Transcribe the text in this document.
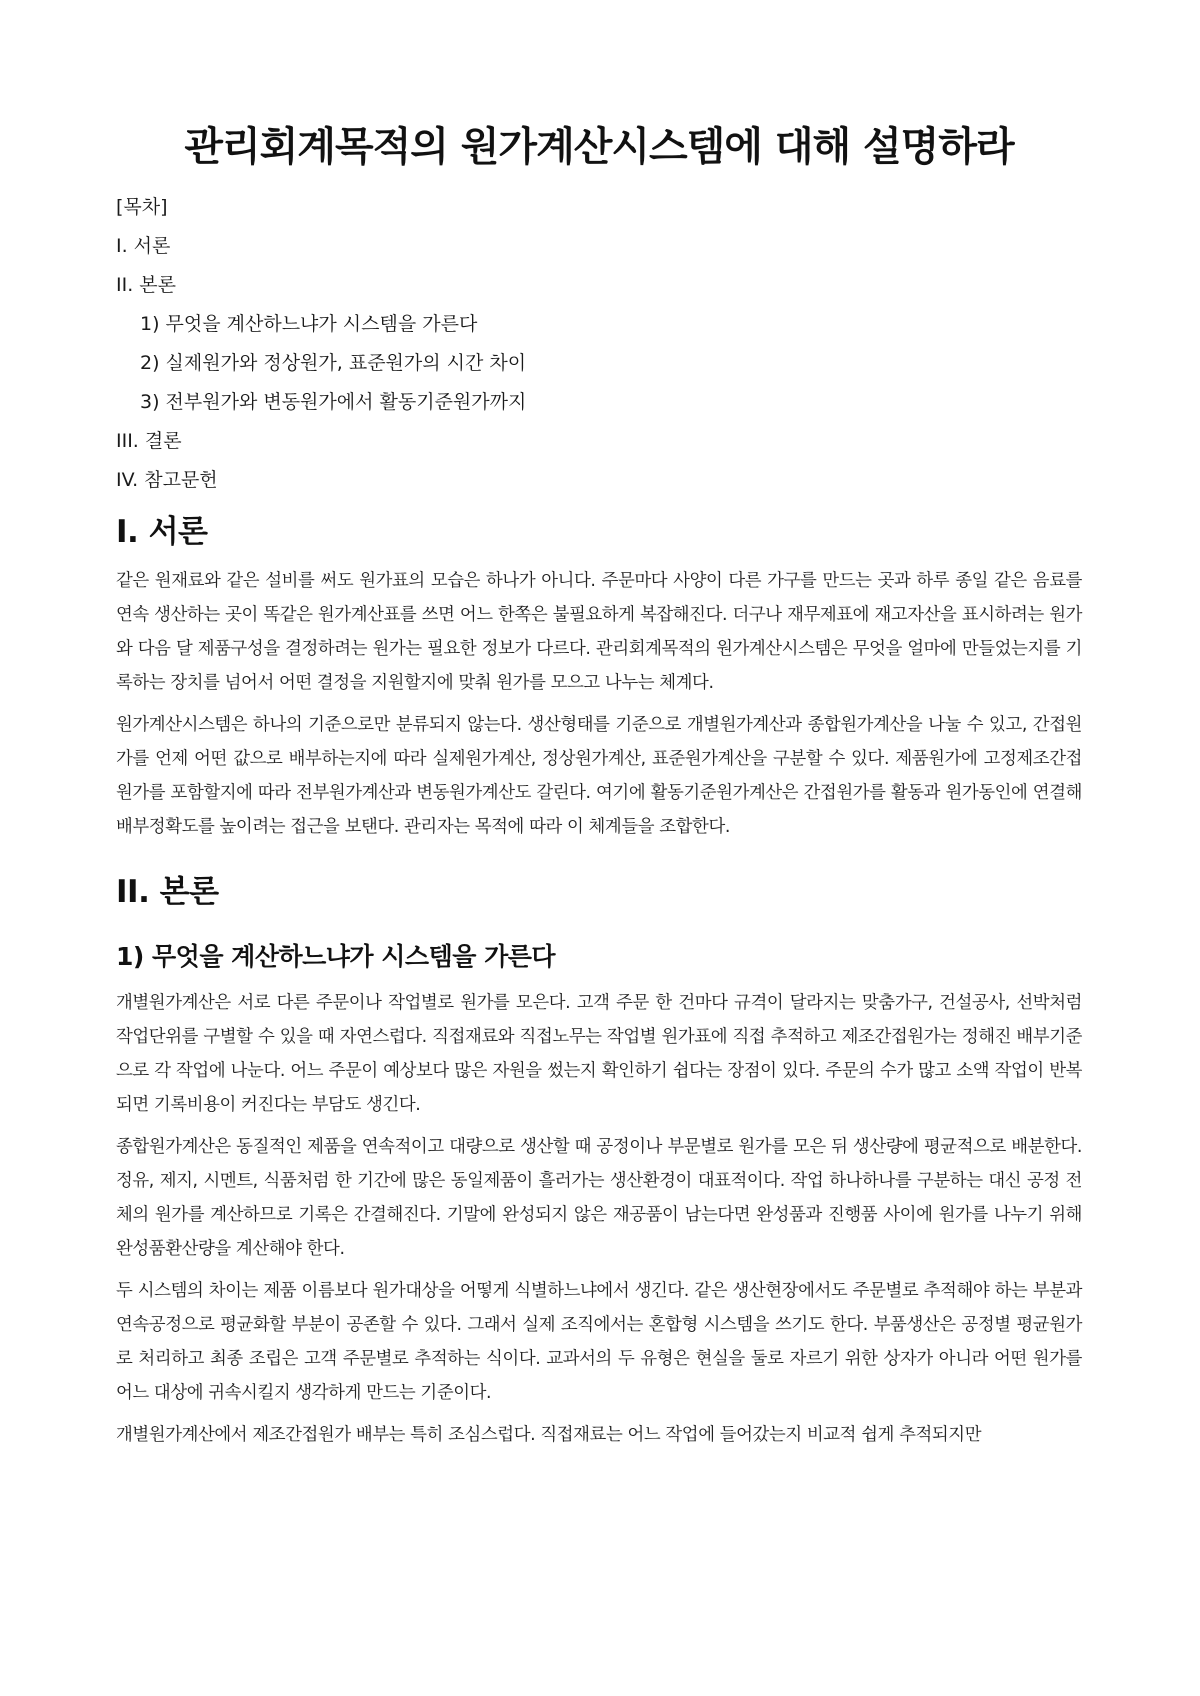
관리회계목적의 원가계산시스템에 대해 설명하라
[목차]
I. 서론
II. 본론
1) 무엇을 계산하느냐가 시스템을 가른다
2) 실제원가와 정상원가, 표준원가의 시간 차이
3) 전부원가와 변동원가에서 활동기준원가까지
III. 결론
IV. 참고문헌
I. 서론

같은 원재료와 같은 설비를 써도 원가표의 모습은 하나가 아니다. 주문마다 사양이 다른 가구를 만드는 곳과 하루 종일 같은 음료를 연속 생산하는 곳이 똑같은 원가계산표를 쓰면 어느 한쪽은 불필요하게 복잡해진다. 더구나 재무제표에 재고자산을 표시하려는 원가와 다음 달 제품구성을 결정하려는 원가는 필요한 정보가 다르다. 관리회계목적의 원가계산시스템은 무엇을 얼마에 만들었는지를 기록하는 장치를 넘어서 어떤 결정을 지원할지에 맞춰 원가를 모으고 나누는 체계다.

원가계산시스템은 하나의 기준으로만 분류되지 않는다. 생산형태를 기준으로 개별원가계산과 종합원가계산을 나눌 수 있고, 간접원가를 언제 어떤 값으로 배부하는지에 따라 실제원가계산, 정상원가계산, 표준원가계산을 구분할 수 있다. 제품원가에 고정제조간접원가를 포함할지에 따라 전부원가계산과 변동원가계산도 갈린다. 여기에 활동기준원가계산은 간접원가를 활동과 원가동인에 연결해 배부정확도를 높이려는 접근을 보탠다. 관리자는 목적에 따라 이 체계들을 조합한다.

II. 본론
1) 무엇을 계산하느냐가 시스템을 가른다

개별원가계산은 서로 다른 주문이나 작업별로 원가를 모은다. 고객 주문 한 건마다 규격이 달라지는 맞춤가구, 건설공사, 선박처럼 작업단위를 구별할 수 있을 때 자연스럽다. 직접재료와 직접노무는 작업별 원가표에 직접 추적하고 제조간접원가는 정해진 배부기준으로 각 작업에 나눈다. 어느 주문이 예상보다 많은 자원을 썼는지 확인하기 쉽다는 장점이 있다. 주문의 수가 많고 소액 작업이 반복되면 기록비용이 커진다는 부담도 생긴다.

종합원가계산은 동질적인 제품을 연속적이고 대량으로 생산할 때 공정이나 부문별로 원가를 모은 뒤 생산량에 평균적으로 배분한다. 정유, 제지, 시멘트, 식품처럼 한 기간에 많은 동일제품이 흘러가는 생산환경이 대표적이다. 작업 하나하나를 구분하는 대신 공정 전체의 원가를 계산하므로 기록은 간결해진다. 기말에 완성되지 않은 재공품이 남는다면 완성품과 진행품 사이에 원가를 나누기 위해 완성품환산량을 계산해야 한다.

두 시스템의 차이는 제품 이름보다 원가대상을 어떻게 식별하느냐에서 생긴다. 같은 생산현장에서도 주문별로 추적해야 하는 부분과 연속공정으로 평균화할 부분이 공존할 수 있다. 그래서 실제 조직에서는 혼합형 시스템을 쓰기도 한다. 부품생산은 공정별 평균원가로 처리하고 최종 조립은 고객 주문별로 추적하는 식이다. 교과서의 두 유형은 현실을 둘로 자르기 위한 상자가 아니라 어떤 원가를 어느 대상에 귀속시킬지 생각하게 만드는 기준이다.

개별원가계산에서 제조간접원가 배부는 특히 조심스럽다. 직접재료는 어느 작업에 들어갔는지 비교적 쉽게 추적되지만
